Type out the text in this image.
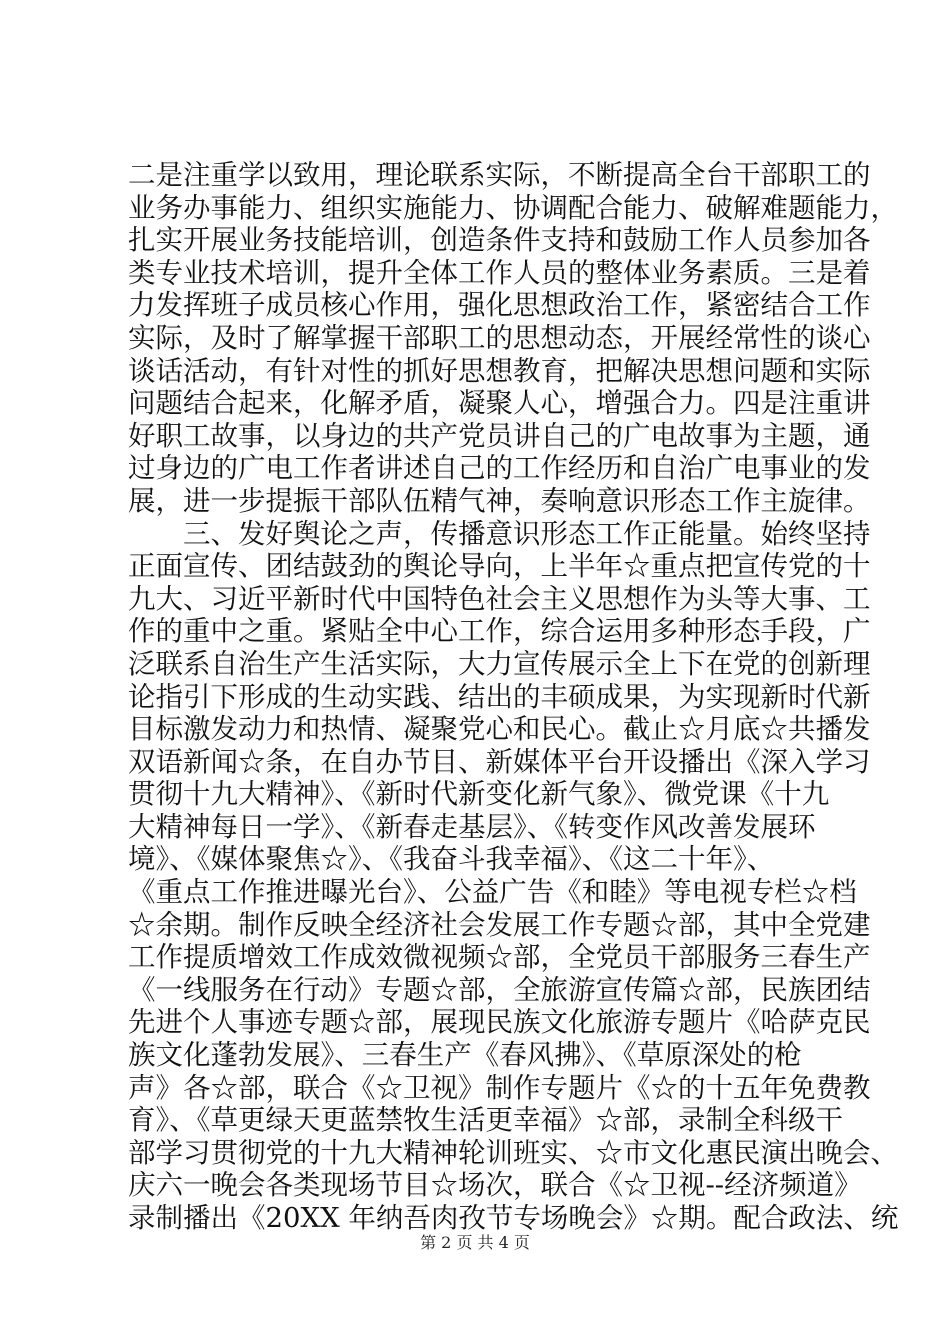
二是注重学以致用，理论联系实际，不断提高全台干部职工的
业务办事能力、组织实施能力、协调配合能力、破解难题能力，
扎实开展业务技能培训，创造条件支持和鼓励工作人员参加各
类专业技术培训，提升全体工作人员的整体业务素质。三是着
力发挥班子成员核心作用，强化思想政治工作，紧密结合工作
实际，及时了解掌握干部职工的思想动态，开展经常性的谈心
谈话活动，有针对性的抓好思想教育，把解决思想问题和实际
问题结合起来，化解矛盾，凝聚人心，增强合力。四是注重讲
好职工故事，以身边的共产党员讲自己的广电故事为主题，通
过身边的广电工作者讲述自己的工作经历和自治广电事业的发
展，进一步提振干部队伍精气神，奏响意识形态工作主旋律。
　　三、发好舆论之声，传播意识形态工作正能量。始终坚持
正面宣传、团结鼓劲的舆论导向，上半年☆重点把宣传党的十
九大、习近平新时代中国特色社会主义思想作为头等大事、工
作的重中之重。紧贴全中心工作，综合运用多种形态手段，广
泛联系自治生产生活实际，大力宣传展示全上下在党的创新理
论指引下形成的生动实践、结出的丰硕成果，为实现新时代新
目标激发动力和热情、凝聚党心和民心。截止☆月底☆共播发
双语新闻☆条，在自办节目、新媒体平台开设播出《深入学习
贯彻十九大精神》、《新时代新变化新气象》、微党课《十九
大精神每日一学》、《新春走基层》、《转变作风改善发展环
境》、《媒体聚焦☆》、《我奋斗我幸福》、《这二十年》、
《重点工作推进曝光台》、公益广告《和睦》等电视专栏☆档
☆余期。制作反映全经济社会发展工作专题☆部，其中全党建
工作提质增效工作成效微视频☆部，全党员干部服务三春生产
《一线服务在行动》专题☆部，全旅游宣传篇☆部，民族团结
先进个人事迹专题☆部，展现民族文化旅游专题片《哈萨克民
族文化蓬勃发展》、三春生产《春风拂》、《草原深处的枪
声》各☆部，联合《☆卫视》制作专题片《☆的十五年免费教
育》、《草更绿天更蓝禁牧生活更幸福》☆部，录制全科级干
部学习贯彻党的十九大精神轮训班实、☆市文化惠民演出晚会、
庆六一晚会各类现场节目☆场次，联合《☆卫视--经济频道》
录制播出《20XX 年纳吾肉孜节专场晚会》☆期。配合政法、统
第 2 页 共 4 页
